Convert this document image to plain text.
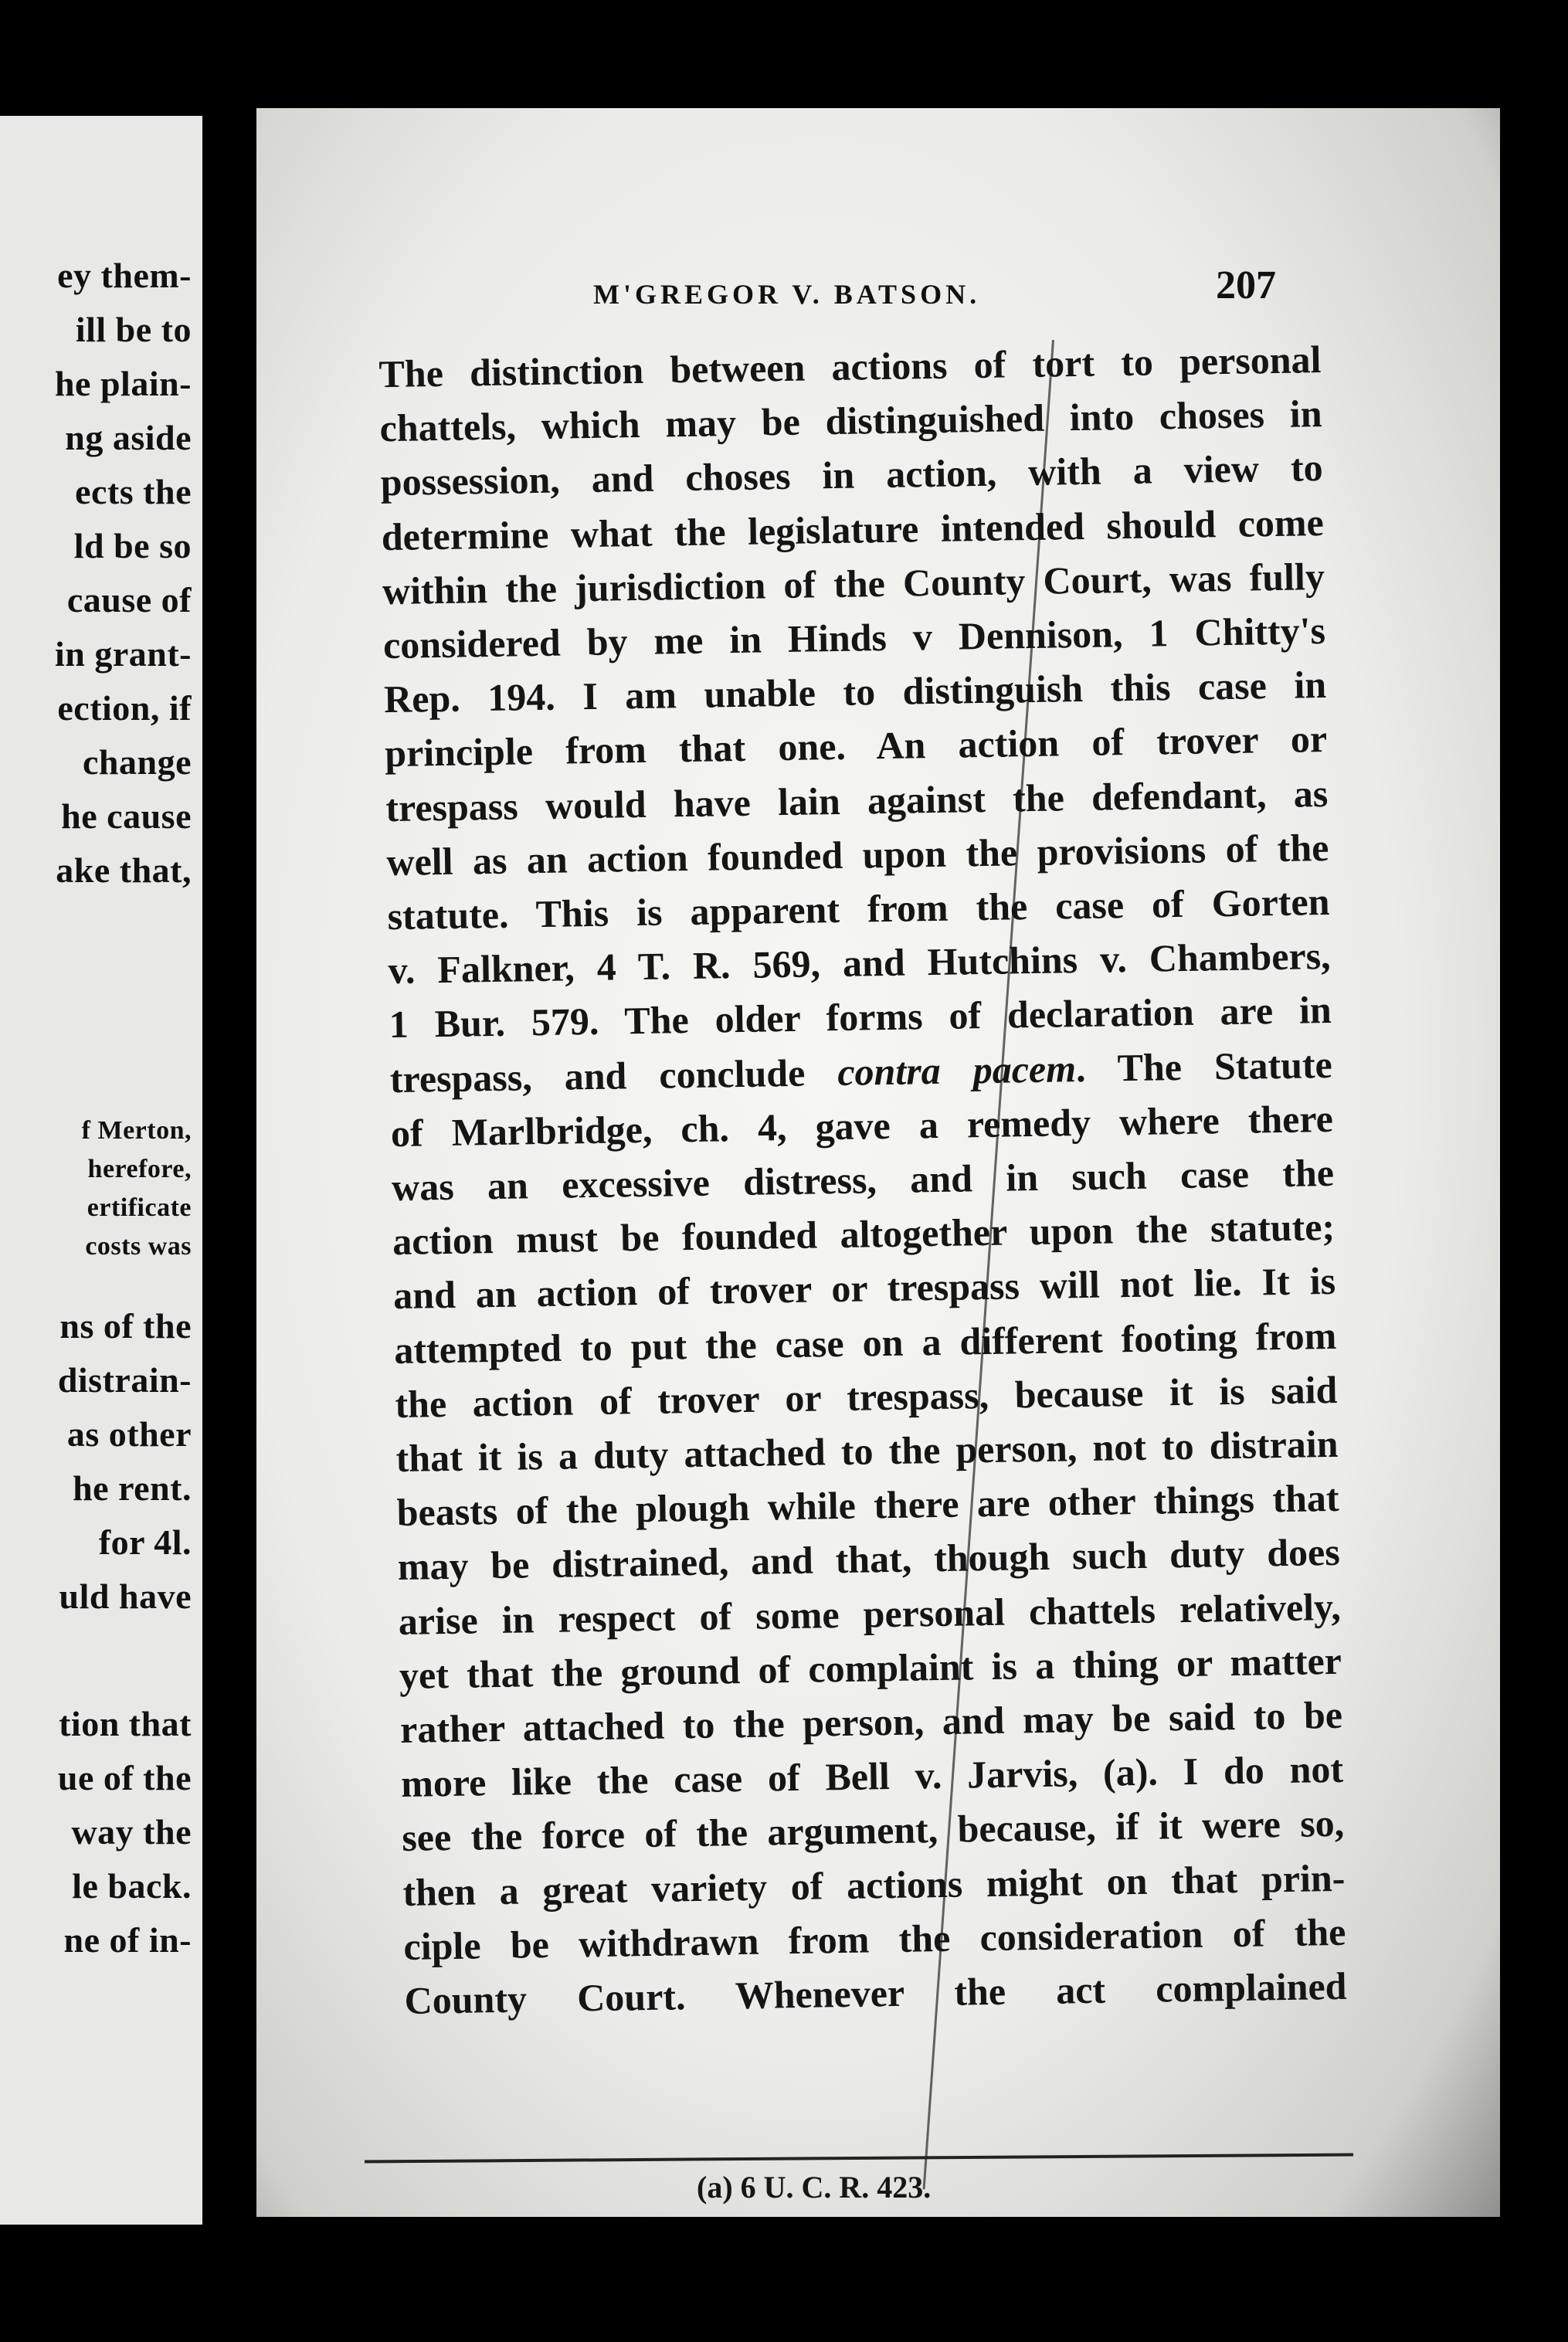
ey them-
ill be to
he plain-
ng aside
ects the
ld be so
cause of
in grant-
ection, if
change
he cause
ake that,
f Merton,
herefore,
ertificate
costs was
ns of the
distrain-
as other
he rent.
for 4l.
uld have
tion that
ue of the
way the
le back.
ne of in-
M'GREGOR V. BATSON.	207
The distinction between actions of tort to personal
chattels, which may be distinguished into choses in
possession, and choses in action, with a view to
determine what the legislature intended should come
within the jurisdiction of the County Court, was fully
considered by me in Hinds v Dennison, 1 Chitty's
Rep. 194. I am unable to distinguish this case in
principle from that one. An action of trover or
trespass would have lain against the defendant, as
well as an action founded upon the provisions of the
statute. This is apparent from the case of Gorten
v. Falkner, 4 T. R. 569, and Hutchins v. Chambers,
1 Bur. 579. The older forms of declaration are in
trespass, and conclude contra pacem. The Statute
of Marlbridge, ch. 4, gave a remedy where there
was an excessive distress, and in such case the
action must be founded altogether upon the statute;
and an action of trover or trespass will not lie. It is
attempted to put the case on a different footing from
the action of trover or trespass, because it is said
that it is a duty attached to the person, not to distrain
beasts of the plough while there are other things that
may be distrained, and that, though such duty does
arise in respect of some personal chattels relatively,
yet that the ground of complaint is a thing or matter
rather attached to the person, and may be said to be
more like the case of Bell v. Jarvis, (a). I do not
see the force of the argument, because, if it were so,
then a great variety of actions might on that prin-
ciple be withdrawn from the consideration of the
County Court. Whenever the act complained
(a) 6 U. C. R. 423.
